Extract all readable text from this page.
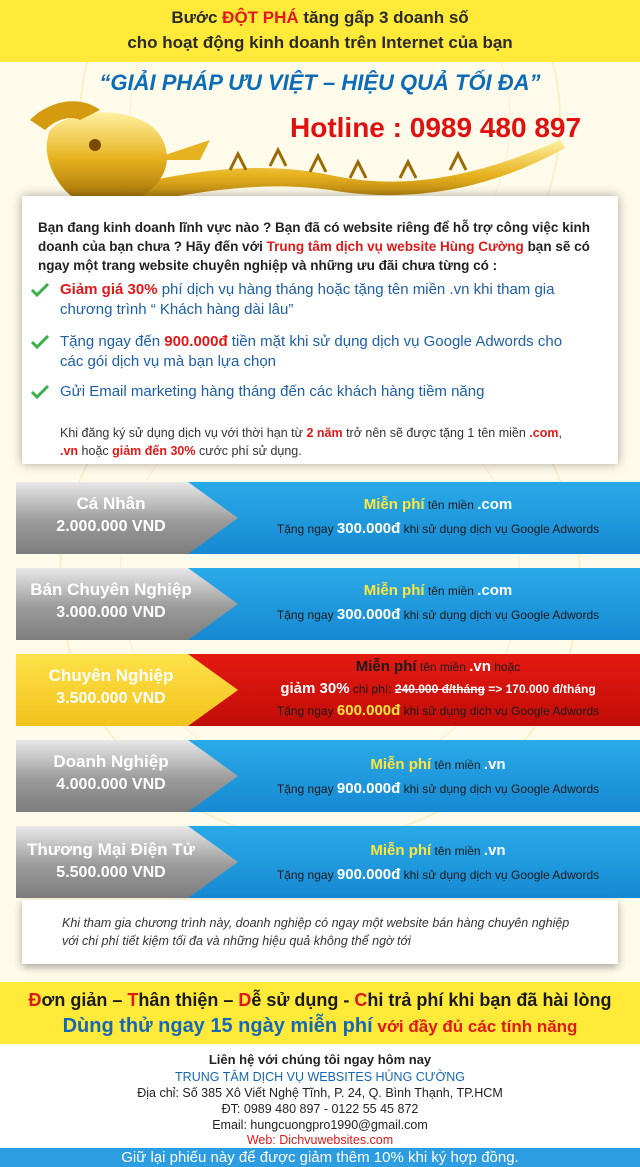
Bước ĐỘT PHÁ tăng gấp 3 doanh số
cho hoạt động kinh doanh trên Internet của bạn
“GIẢI PHÁP ƯU VIỆT – HIỆU QUẢ TỐI ĐA”
Hotline : 0989 480 897
Bạn đang kinh doanh lĩnh vực nào ? Bạn đã có website riêng để hỗ trợ công việc kinh doanh của bạn chưa ? Hãy đến với Trung tâm dịch vụ website Hùng Cường bạn sẽ có ngay một trang website chuyên nghiệp và những ưu đãi chưa từng có :
Giảm giá 30% phí dịch vụ hàng tháng hoặc tặng tên miền .vn khi tham gia chương trình “ Khách hàng dài lâu”
Tặng ngay đến 900.000đ tiền mặt khi sử dụng dịch vụ Google Adwords cho các gói dịch vụ mà bạn lựa chọn
Gửi Email marketing hàng tháng đến các khách hàng tiềm năng
Khi đăng ký sử dụng dịch vụ với thời hạn từ 2 năm trở nên sẽ được tặng 1 tên miền .com, .vn hoặc giảm đến 30% cước phí sử dụng.
Cá Nhân
2.000.000 VND
Miễn phí tên miền .com
Tặng ngay 300.000đ khi sử dụng dịch vụ Google Adwords
Bán Chuyên Nghiệp
3.000.000 VND
Miễn phí tên miền .com
Tặng ngay 300.000đ khi sử dụng dịch vụ Google Adwords
Chuyên Nghiệp
3.500.000 VND
Miễn phí tên miền .vn hoặc
giảm 30% chi phí: 240.000 đ/tháng => 170.000 đ/tháng
Tặng ngay 600.000đ khi sử dụng dịch vụ Google Adwords
Doanh Nghiệp
4.000.000 VND
Miễn phí tên miền .vn
Tặng ngay 900.000đ khi sử dụng dịch vụ Google Adwords
Thương Mại Điện Tử
5.500.000 VND
Miễn phí tên miền .vn
Tặng ngay 900.000đ khi sử dụng dịch vụ Google Adwords
Khi tham gia chương trình này, doanh nghiệp có ngay một website bán hàng chuyên nghiệp với chi phí tiết kiệm tối đa và những hiệu quả không thể ngờ tới
Đơn giản – Thân thiện – Dễ sử dụng - Chi trả phí khi bạn đã hài lòng
Dùng thử ngay 15 ngày miễn phí với đầy đủ các tính năng
Liên hệ với chúng tôi ngay hôm nay
TRUNG TÂM DỊCH VỤ WEBSITES HÙNG CƯỜNG
Địa chỉ: Số 385 Xô Viết Nghệ Tĩnh, P. 24, Q. Bình Thạnh, TP.HCM
ĐT: 0989 480 897 - 0122 55 45 872
Email: hungcuongpro1990@gmail.com
Web: Dichvuwebsites.com
Giữ lại phiếu này để được giảm thêm 10% khi ký hợp đồng.
